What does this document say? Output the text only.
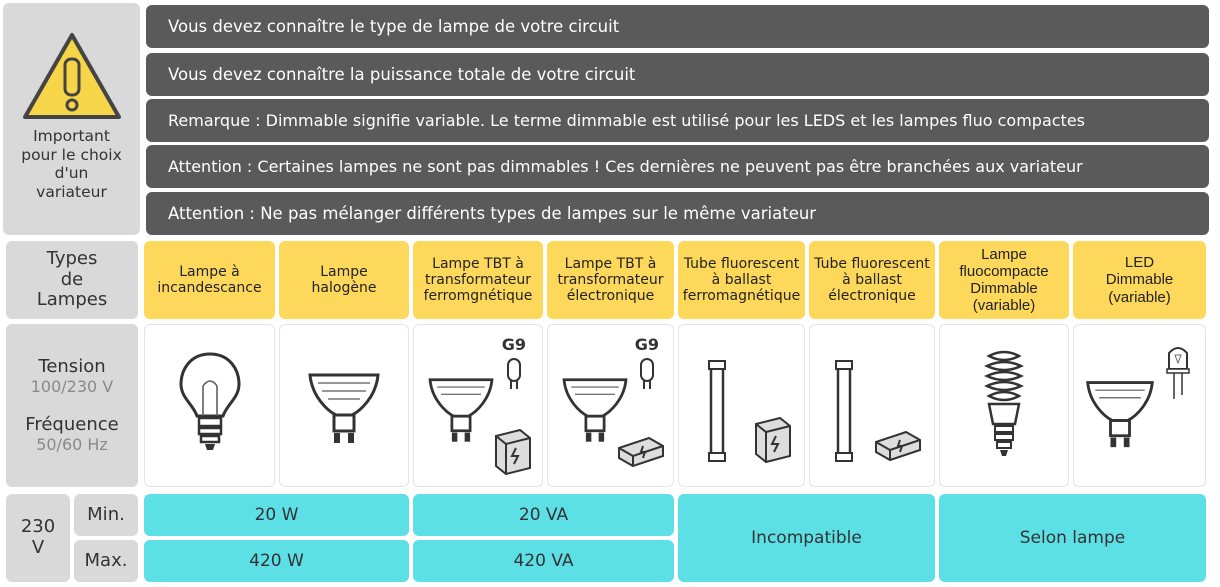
Important
pour le choix
d'un
variateur
Vous devez connaître le type de lampe de votre circuit
Vous devez connaître la puissance totale de votre circuit
Remarque : Dimmable signifie variable. Le terme dimmable est utilisé pour les LEDS et les lampes fluo compactes
Attention : Certaines lampes ne sont pas dimmables ! Ces dernières ne peuvent pas être branchées aux variateur
Attention : Ne pas mélanger différents types de lampes sur le même variateur
Types
de
Lampes
Lampe à
incandescance
Lampe
halogène
Lampe TBT à
transformateur
ferromgnétique
Lampe TBT à
transformateur
électronique
Tube fluorescent
à ballast
ferromagnétique
Tube fluorescent
à ballast
électronique
Lampe
fluocompacte
Dimmable
(variable)
LED
Dimmable
(variable)
Tension
100/230 V
Fréquence
50/60 Hz
G9	G9
230
V
Min.
Max.
20 W
420 W
20 VA
420 VA
Incompatible	Selon lampe
